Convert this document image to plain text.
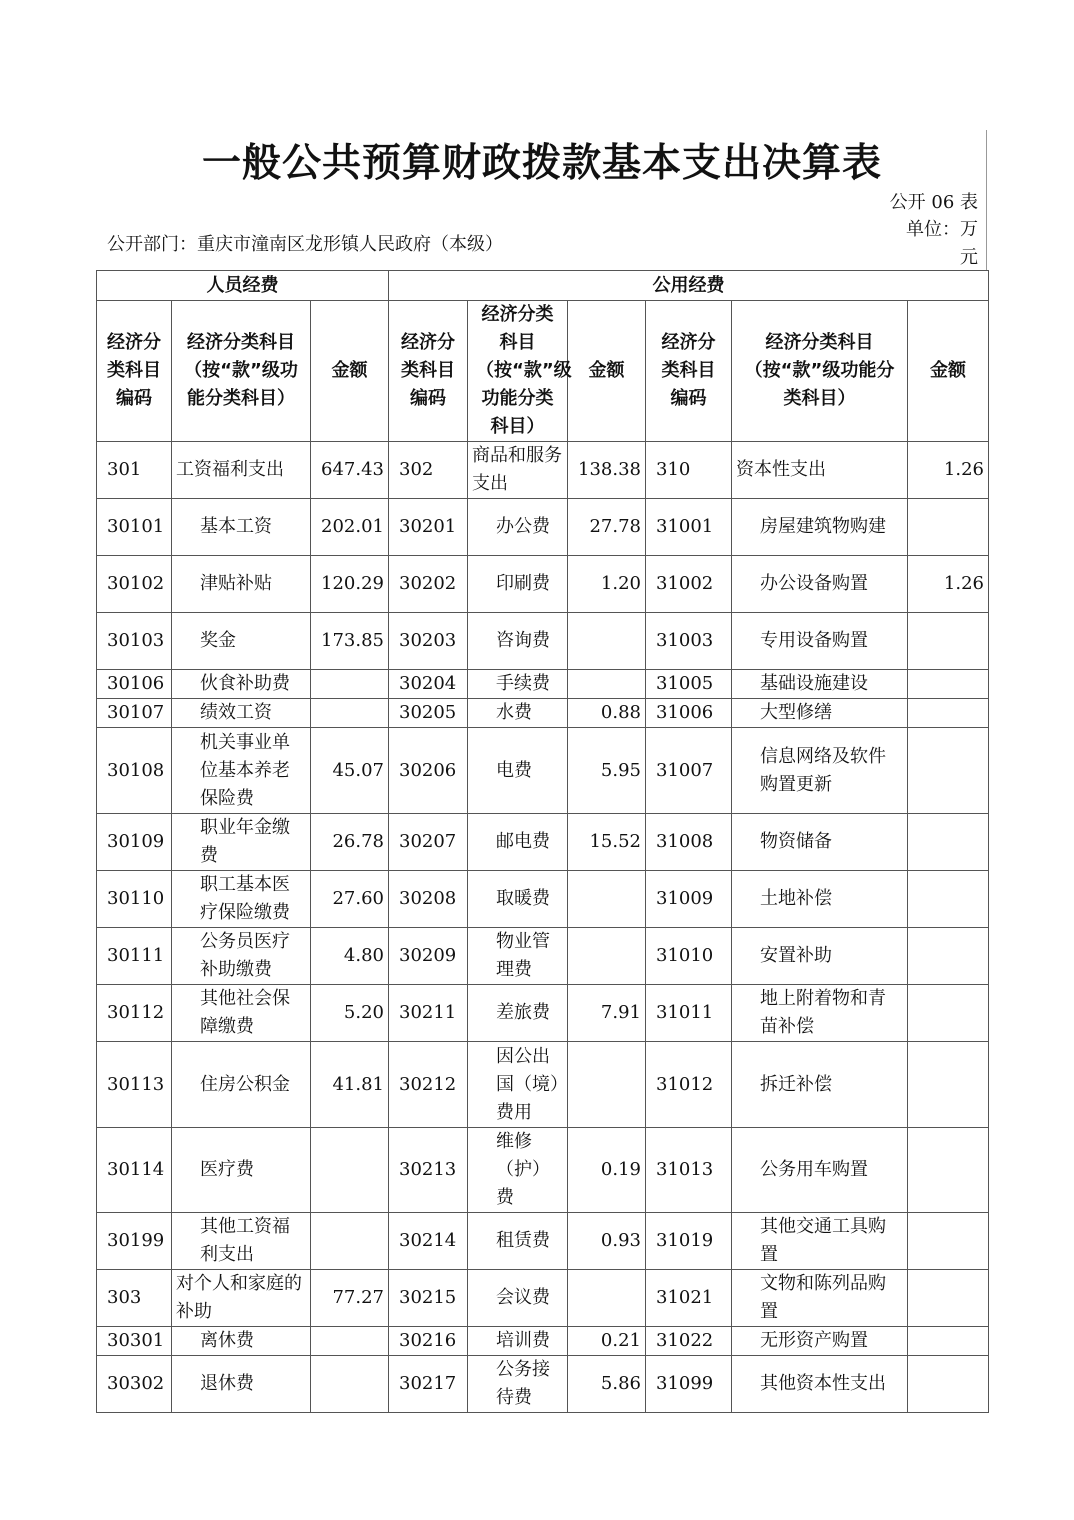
一般公共预算财政拨款基本支出决算表
公开 06 表
单位：万元
公开部门：重庆市潼南区龙形镇人民政府（本级）
人员经费			公用经费					
经济分类科目编码	经济分类科目（按“款”级功能分类科目）	金额	经济分类科目编码	经济分类科目（按“款”级功能分类科目）	金额	经济分类科目编码	经济分类科目（按“款”级功能分类科目）	金额
301	工资福利支出	647.43	302	商品和服务支出	138.38	310	资本性支出	1.26
30101	基本工资	202.01	30201	办公费	27.78	31001	房屋建筑物购建	
30102	津贴补贴	120.29	30202	印刷费	1.20	31002	办公设备购置	1.26
30103	奖金	173.85	30203	咨询费		31003	专用设备购置	
30106	伙食补助费		30204	手续费		31005	基础设施建设	
30107	绩效工资		30205	水费	0.88	31006	大型修缮	
30108	机关事业单位基本养老保险费	45.07	30206	电费	5.95	31007	信息网络及软件购置更新	
30109	职业年金缴费	26.78	30207	邮电费	15.52	31008	物资储备	
30110	职工基本医疗保险缴费	27.60	30208	取暖费		31009	土地补偿	
30111	公务员医疗补助缴费	4.80	30209	物业管理费		31010	安置补助	
30112	其他社会保障缴费	5.20	30211	差旅费	7.91	31011	地上附着物和青苗补偿	
30113	住房公积金	41.81	30212	因公出国（境）费用		31012	拆迁补偿	
30114	医疗费		30213	维修（护）费	0.19	31013	公务用车购置	
30199	其他工资福利支出		30214	租赁费	0.93	31019	其他交通工具购置	
303	对个人和家庭的补助	77.27	30215	会议费		31021	文物和陈列品购置	
30301	离休费		30216	培训费	0.21	31022	无形资产购置	
30302	退休费		30217	公务接待费	5.86	31099	其他资本性支出	
